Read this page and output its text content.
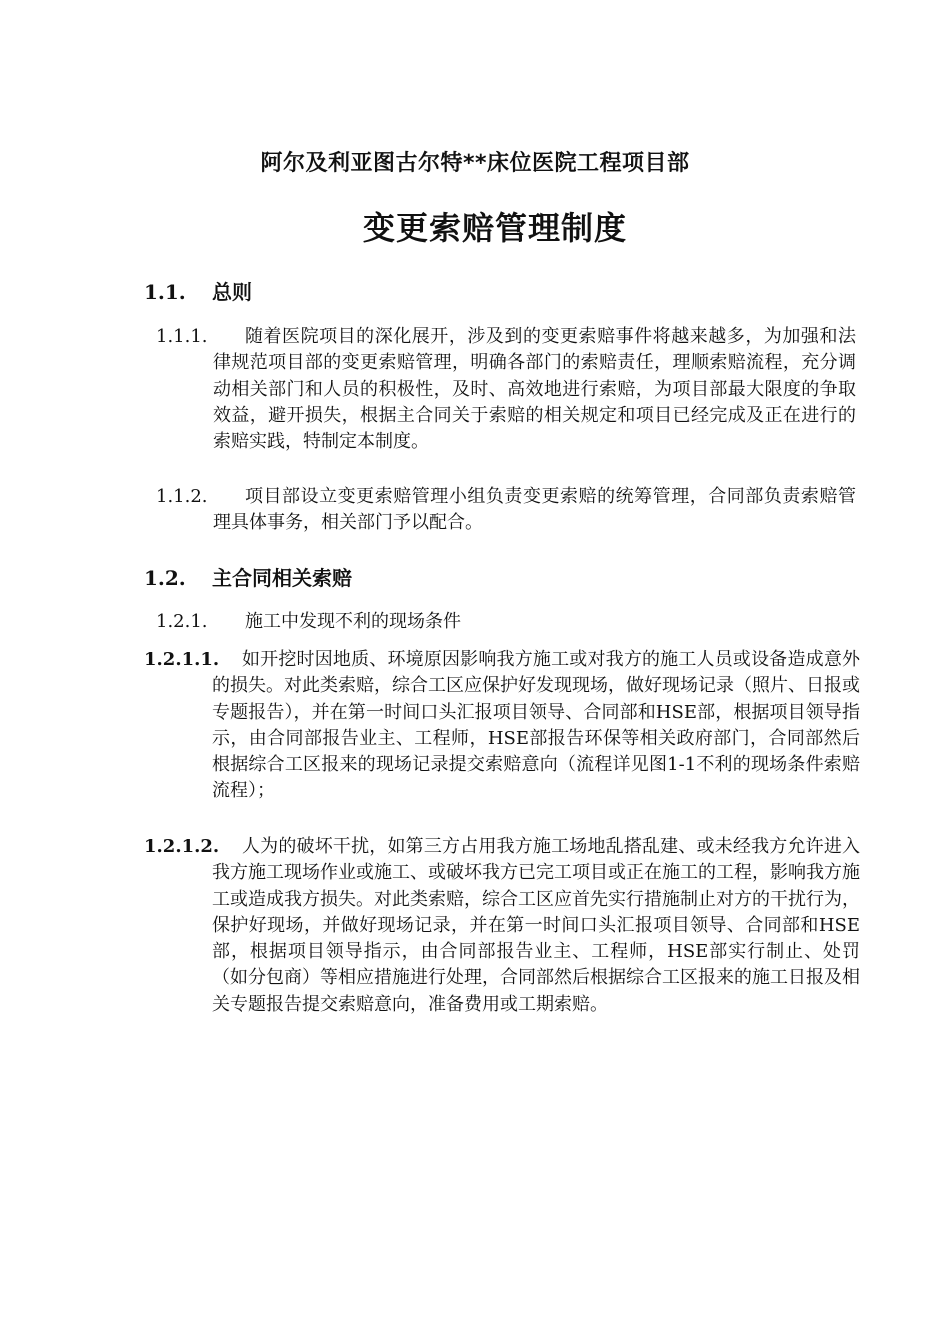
阿尔及利亚图古尔特**床位医院工程项目部
变更索赔管理制度
1.1. 总则
1.1.1.	随着医院项目的深化展开，涉及到的变更索赔事件将越来越多，为加强和法律规范项目部的变更索赔管理，明确各部门的索赔责任，理顺索赔流程，充分调动相关部门和人员的积极性，及时、高效地进行索赔，为项目部最大限度的争取效益，避开损失，根据主合同关于索赔的相关规定和项目已经完成及正在进行的索赔实践，特制定本制度。
1.1.2.	项目部设立变更索赔管理小组负责变更索赔的统筹管理，合同部负责索赔管理具体事务，相关部门予以配合。
1.2. 主合同相关索赔
1.2.1. 施工中发现不利的现场条件
1.2.1.1.	如开挖时因地质、环境原因影响我方施工或对我方的施工人员或设备造成意外的损失。对此类索赔，综合工区应保护好发现现场，做好现场记录（照片、日报或专题报告），并在第一时间口头汇报项目领导、合同部和HSE部，根据项目领导指示，由合同部报告业主、工程师，HSE部报告环保等相关政府部门，合同部然后根据综合工区报来的现场记录提交索赔意向（流程详见图1-1不利的现场条件索赔流程）；
1.2.1.2.	人为的破坏干扰，如第三方占用我方施工场地乱搭乱建、或未经我方允许进入我方施工现场作业或施工、或破坏我方已完工项目或正在施工的工程，影响我方施工或造成我方损失。对此类索赔，综合工区应首先实行措施制止对方的干扰行为，保护好现场，并做好现场记录，并在第一时间口头汇报项目领导、合同部和HSE部，根据项目领导指示，由合同部报告业主、工程师，HSE部实行制止、处罚（如分包商）等相应措施进行处理，合同部然后根据综合工区报来的施工日报及相关专题报告提交索赔意向，准备费用或工期索赔。
